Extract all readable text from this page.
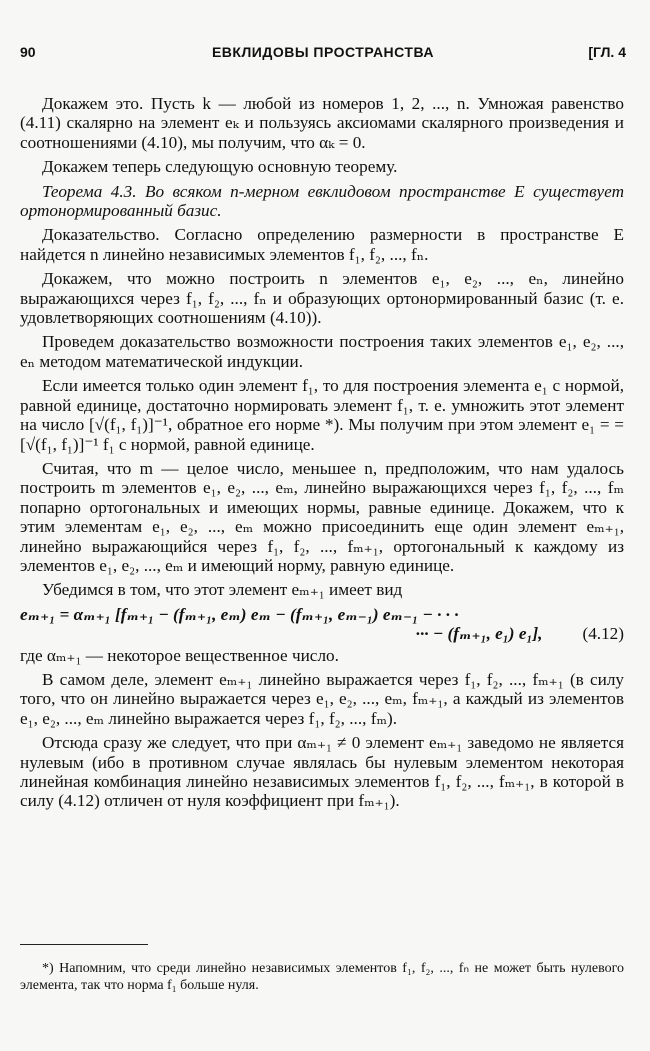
90	ЕВКЛИДОВЫ ПРОСТРАНСТВА	[ГЛ. 4

Докажем это. Пусть k — любой из номеров 1, 2, ..., n. Умножая равенство (4.11) скалярно на элемент eₖ и пользуясь аксиомами скалярного произведения и соотношениями (4.10), мы получим, что αₖ = 0.

Докажем теперь следующую основную теорему.

Теорема 4.3. Во всяком n-мерном евклидовом пространстве E существует ортонормированный базис.

Доказательство. Согласно определению размерности в пространстве E найдется n линейно независимых элементов f₁, f₂, ..., fₙ.

Докажем, что можно построить n элементов e₁, e₂, ..., eₙ, линейно выражающихся через f₁, f₂, ..., fₙ и образующих ортонормированный базис (т. е. удовлетворяющих соотношениям (4.10)).

Проведем доказательство возможности построения таких элементов e₁, e₂, ..., eₙ методом математической индукции.

Если имеется только один элемент f₁, то для построения элемента e₁ с нормой, равной единице, достаточно нормировать элемент f₁, т. е. умножить этот элемент на число [√(f₁, f₁)]⁻¹, обратное его норме *). Мы получим при этом элемент e₁ = = [√(f₁, f₁)]⁻¹ f₁ с нормой, равной единице.

Считая, что m — целое число, меньшее n, предположим, что нам удалось построить m элементов e₁, e₂, ..., eₘ, линейно выражающихся через f₁, f₂, ..., fₘ попарно ортогональных и имеющих нормы, равные единице. Докажем, что к этим элементам e₁, e₂, ..., eₘ можно присоединить еще один элемент eₘ₊₁, линейно выражающийся через f₁, f₂, ..., fₘ₊₁, ортогональный к каждому из элементов e₁, e₂, ..., eₘ и имеющий норму, равную единице.

Убедимся в том, что этот элемент eₘ₊₁ имеет вид

eₘ₊₁ = αₘ₊₁ [fₘ₊₁ − (fₘ₊₁, eₘ) eₘ − (fₘ₊₁, eₘ₋₁) eₘ₋₁ − · · ·
··· − (fₘ₊₁, e₁) e₁], (4.12)

где αₘ₊₁ — некоторое вещественное число.

В самом деле, элемент eₘ₊₁ линейно выражается через f₁, f₂, ..., fₘ₊₁ (в силу того, что он линейно выражается через e₁, e₂, ..., eₘ, fₘ₊₁, а каждый из элементов e₁, e₂, ..., eₘ линейно выражается через f₁, f₂, ..., fₘ).

Отсюда сразу же следует, что при αₘ₊₁ ≠ 0 элемент eₘ₊₁ заведомо не является нулевым (ибо в противном случае являлась бы нулевым элементом некоторая линейная комбинация линейно независимых элементов f₁, f₂, ..., fₘ₊₁, в которой в силу (4.12) отличен от нуля коэффициент при fₘ₊₁).

*) Напомним, что среди линейно независимых элементов f₁, f₂, ..., fₙ не может быть нулевого элемента, так что норма f₁ больше нуля.
